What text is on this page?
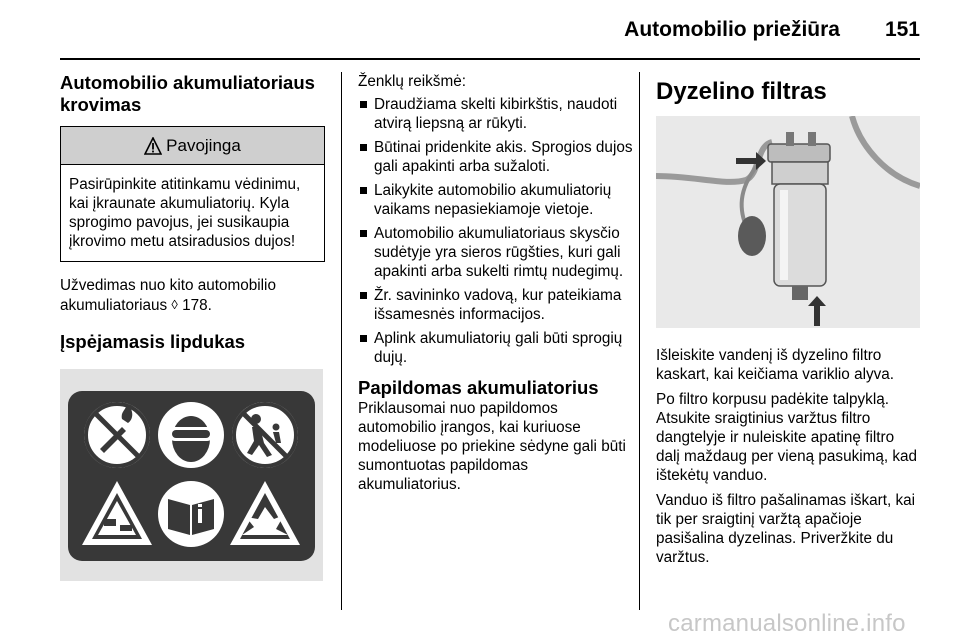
Automobilio priežiūra 151
Automobilio akumuliatoriaus krovimas
Pavojinga
Pasirūpinkite atitinkamu vėdinimu, kai įkraunate akumuliatorių. Kyla sprogimo pavojus, jei susikaupia įkrovimo metu atsiradusios dujos!

Užvedimas nuo kito automobilio akumuliatoriaus ◊ 178.

Įspėjamasis lipdukas

Ženklų reikšmė:

Draudžiama skelti kibirkštis, naudoti atvirą liepsną ar rūkyti.
Būtinai pridenkite akis. Sprogios dujos gali apakinti arba sužaloti.
Laikykite automobilio akumuliatorių vaikams nepasiekiamoje vietoje.
Automobilio akumuliatoriaus skysčio sudėtyje yra sieros rūgšties, kuri gali apakinti arba sukelti rimtų nudegimų.
Žr. savininko vadovą, kur pateikiama išsamesnės informacijos.
Aplink akumuliatorių gali būti sprogių dujų.
Papildomas akumuliatorius

Priklausomai nuo papildomos automobilio įrangos, kai kuriuose modeliuose po priekine sėdyne gali būti sumontuotas papildomas akumuliatorius.

Dyzelino filtras

Išleiskite vandenį iš dyzelino filtro kaskart, kai keičiama variklio alyva.

Po filtro korpusu padėkite talpyklą. Atsukite sraigtinius varžtus filtro dangtelyje ir nuleiskite apatinę filtro dalį maždaug per vieną pasukimą, kad ištekėtų vanduo.

Vanduo iš filtro pašalinamas iškart, kai tik per sraigtinį varžtą apačioje pasišalina dyzelinas. Priveržkite du varžtus.

carmanualsonline.info
